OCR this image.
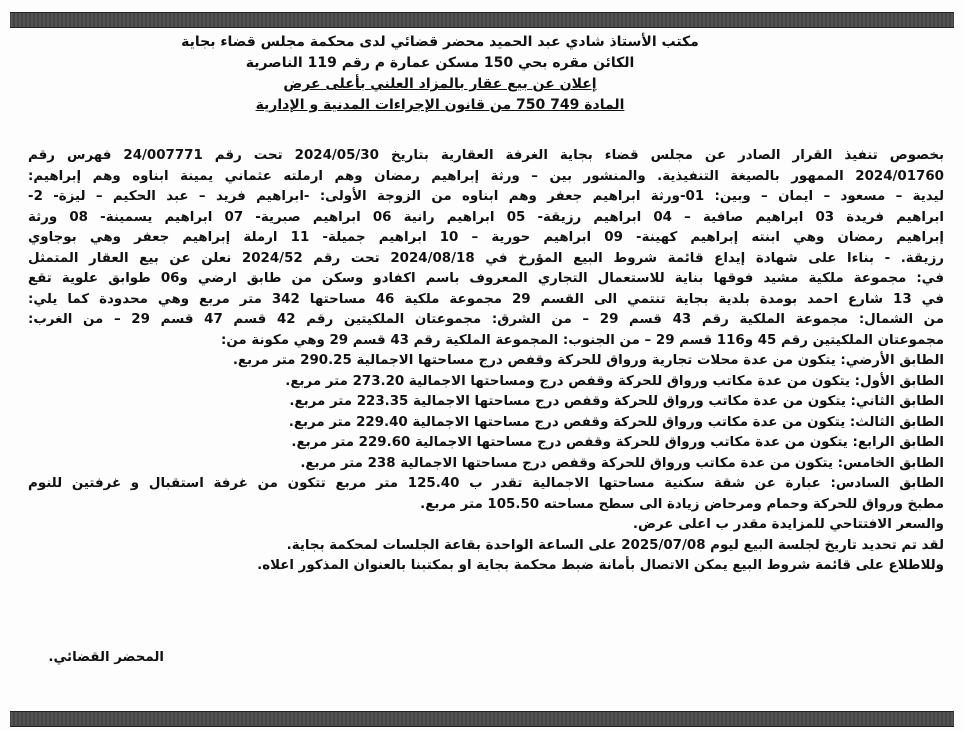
مكتب الأستاذ شادي عبد الحميد محضر قضائي لدى محكمة مجلس قضاء بجاية
الكائن مقره بحي 150 مسكن عمارة م رقم 119 الناصرية
إعلان عن بيع عقار بالمزاد العلني بأعلى عرض
المادة 749 750 من قانون الإجراءات المدنية و الإدارية
بخصوص تنفيذ القرار الصادر عن مجلس قضاء بجاية الغرفة العقارية بتاريخ 2024/05/30 تحت رقم 24/007771 فهرس رقم
2024/01760 الممهور بالصيغة التنفيذية. والمنشور بين – ورثة إبراهيم رمضان وهم ارملته عثماني يمينة ابناوه وهم إبراهيم:
ليدية – مسعود – ايمان – وبين: 01-ورثة ابراهيم جعفر وهم ابناوه من الزوجة الأولى: -ابراهيم فريد – عبد الحكيم – ليزة- 2-
ابراهيم فريدة 03 ابراهيم صافية – 04 ابراهيم رزيقة- 05 ابراهيم رانية 06 ابراهيم صبرية- 07 ابراهيم يسمينة- 08 ورثة
إبراهيم رمضان وهي ابنته إبراهيم كهينة- 09 ابراهيم حورية – 10 ابراهيم جميلة- 11 ارملة إبراهيم جعفر وهي بوجاوي
رزيقة. - بناءا على شهادة إيداع قائمة شروط البيع المؤرخ في 2024/08/18 تحت رقم 2024/52 نعلن عن بيع العقار المتمثل
في: مجموعة ملكية مشيد فوقها بناية للاستعمال التجاري المعروف باسم اكفادو وسكن من طابق ارضي و06 طوابق علوية تقع
في 13 شارع احمد بومدة بلدية بجاية تنتمي الى القسم 29 مجموعة ملكية 46 مساحتها 342 متر مربع وهي محدودة كما يلي:
من الشمال: مجموعة الملكية رقم 43 قسم 29 – من الشرق: مجموعتان الملكيتين رقم 42 قسم 47 قسم 29 – من الغرب:
مجموعتان الملكيتين رقم 45 و116 قسم 29 – من الجنوب: المجموعة الملكية رقم 43 قسم 29 وهي مكونة من:
الطابق الأرضي: يتكون من عدة محلات تجارية ورواق للحركة وقفص درج مساحتها الاجمالية 290.25 متر مربع.
الطابق الأول: يتكون من عدة مكاتب ورواق للحركة وقفص درج ومساحتها الاجمالية 273.20 متر مربع.
الطابق الثاني: يتكون من عدة مكاتب ورواق للحركة وقفص درج مساحتها الاجمالية 223.35 متر مربع.
الطابق الثالث: يتكون من عدة مكاتب ورواق للحركة وقفص درج مساحتها الاجمالية 229.40 متر مربع.
الطابق الرابع: يتكون من عدة مكاتب ورواق للحركة وقفص درج مساحتها الاجمالية 229.60 متر مربع.
الطابق الخامس: يتكون من عدة مكاتب ورواق للحركة وقفص درج مساحتها الاجمالية 238 متر مربع.
الطابق السادس: عبارة عن شقة سكنية مساحتها الاجمالية تقدر ب 125.40 متر مربع تتكون من غرفة استقبال و غرفتين للنوم
مطبخ ورواق للحركة وحمام ومرحاض زيادة الى سطح مساحته 105.50 متر مربع.
والسعر الافتتاحي للمزايدة مقدر ب اعلى عرض.
لقد تم تحديد تاريخ لجلسة البيع ليوم 2025/07/08 على الساعة الواحدة بقاعة الجلسات لمحكمة بجاية.
وللاطلاع على قائمة شروط البيع يمكن الاتصال بأمانة ضبط محكمة بجاية او بمكتبنا بالعنوان المذكور اعلاه.
المحضر القضائي.
